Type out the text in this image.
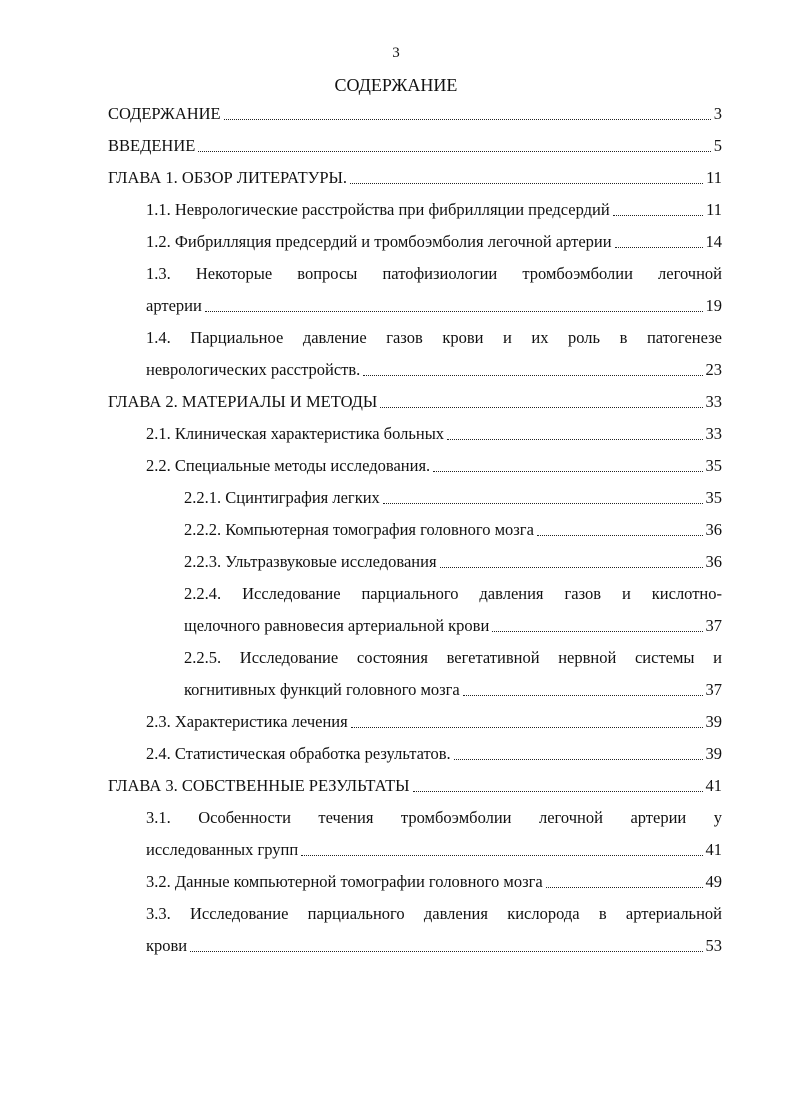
3
СОДЕРЖАНИЕ
СОДЕРЖАНИЕ	3
ВВЕДЕНИЕ	5
ГЛАВА 1. ОБЗОР ЛИТЕРАТУРЫ.	11
1.1. Неврологические расстройства при фибрилляции предсердий	11
1.2. Фибрилляция предсердий и тромбоэмболия легочной артерии	14
1.3. Некоторые вопросы патофизиологии тромбоэмболии легочной
артерии	19
1.4. Парциальное давление газов крови и их роль в патогенезе
неврологических расстройств.	23
ГЛАВА 2. МАТЕРИАЛЫ И МЕТОДЫ	33
2.1. Клиническая характеристика больных	33
2.2. Специальные методы исследования.	35
2.2.1. Сцинтиграфия легких	35
2.2.2. Компьютерная томография головного мозга	36
2.2.3. Ультразвуковые исследования	36
2.2.4. Исследование парциального давления газов и кислотно-
щелочного равновесия артериальной крови	37
2.2.5. Исследование состояния вегетативной нервной системы и
когнитивных функций головного мозга	37
2.3. Характеристика лечения	39
2.4. Статистическая обработка результатов.	39
ГЛАВА 3. СОБСТВЕННЫЕ РЕЗУЛЬТАТЫ	41
3.1. Особенности течения тромбоэмболии легочной артерии у
исследованных групп	41
3.2. Данные компьютерной томографии головного мозга	49
3.3. Исследование парциального давления кислорода в артериальной
крови	53
